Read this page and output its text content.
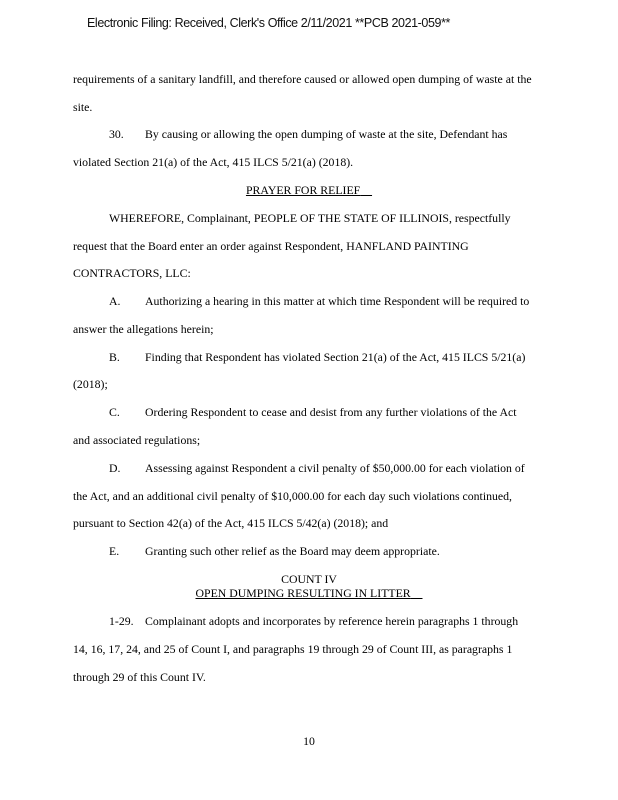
Electronic Filing: Received, Clerk's Office 2/11/2021 **PCB 2021-059**
requirements of a sanitary landfill, and therefore caused or allowed open dumping of waste at the
site.
30. By causing or allowing the open dumping of waste at the site, Defendant has
violated Section 21(a) of the Act, 415 ILCS 5/21(a) (2018).
PRAYER FOR RELIEF
WHEREFORE, Complainant, PEOPLE OF THE STATE OF ILLINOIS, respectfully
request that the Board enter an order against Respondent, HANFLAND PAINTING
CONTRACTORS, LLC:
A. Authorizing a hearing in this matter at which time Respondent will be required to
answer the allegations herein;
B. Finding that Respondent has violated Section 21(a) of the Act, 415 ILCS 5/21(a)
(2018);
C. Ordering Respondent to cease and desist from any further violations of the Act
and associated regulations;
D. Assessing against Respondent a civil penalty of $50,000.00 for each violation of
the Act, and an additional civil penalty of $10,000.00 for each day such violations continued,
pursuant to Section 42(a) of the Act, 415 ILCS 5/42(a) (2018); and
E. Granting such other relief as the Board may deem appropriate.
COUNT IV
OPEN DUMPING RESULTING IN LITTER
1-29. Complainant adopts and incorporates by reference herein paragraphs 1 through
14, 16, 17, 24, and 25 of Count I, and paragraphs 19 through 29 of Count III, as paragraphs 1
through 29 of this Count IV.
10
